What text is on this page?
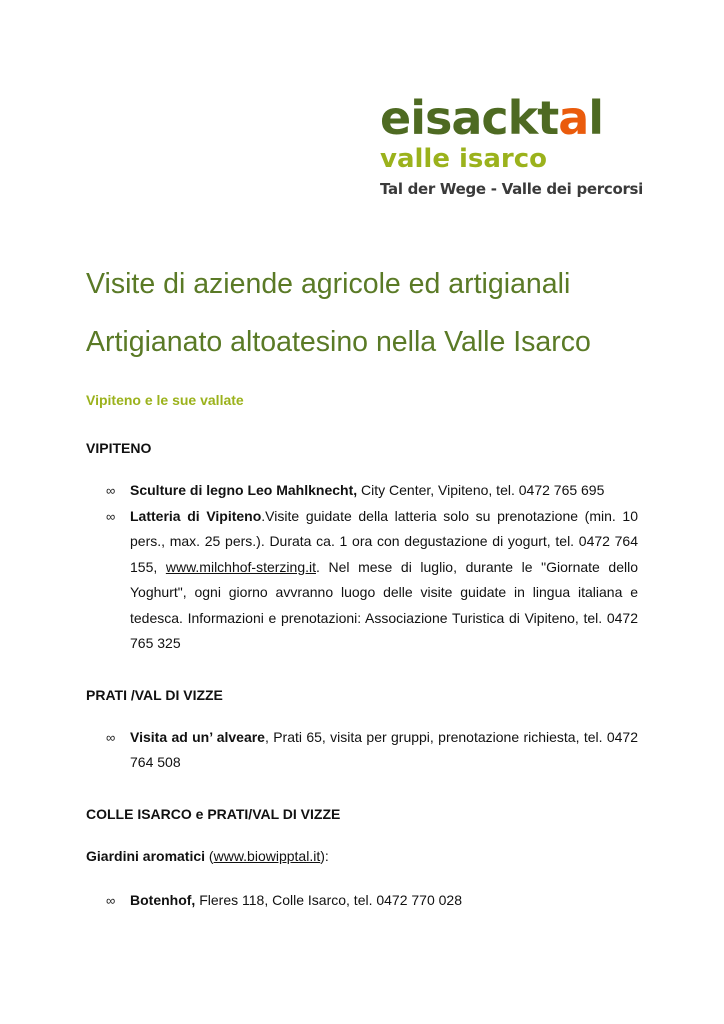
eisacktal
valle isarco
Tal der Wege - Valle dei percorsi
Visite di aziende agricole ed artigianali
Artigianato altoatesino nella Valle Isarco
Vipiteno e le sue vallate
VIPITENO
∞ Sculture di legno Leo Mahlknecht, City Center, Vipiteno, tel. 0472 765 695
∞ Latteria di Vipiteno.Visite guidate della latteria solo su prenotazione (min. 10 pers., max. 25 pers.). Durata ca. 1 ora con degustazione di yogurt, tel. 0472 764 155, www.milchhof-sterzing.it. Nel mese di luglio, durante le "Giornate dello Yoghurt", ogni giorno avvranno luogo delle visite guidate in lingua italiana e tedesca. Informazioni e prenotazioni: Associazione Turistica di Vipiteno, tel. 0472 765 325
PRATI /VAL DI VIZZE
∞ Visita ad un’ alveare, Prati 65, visita per gruppi, prenotazione richiesta, tel. 0472 764 508
COLLE ISARCO e PRATI/VAL DI VIZZE

Giardini aromatici (www.biowipptal.it):

∞ Botenhof, Fleres 118, Colle Isarco, tel. 0472 770 028
